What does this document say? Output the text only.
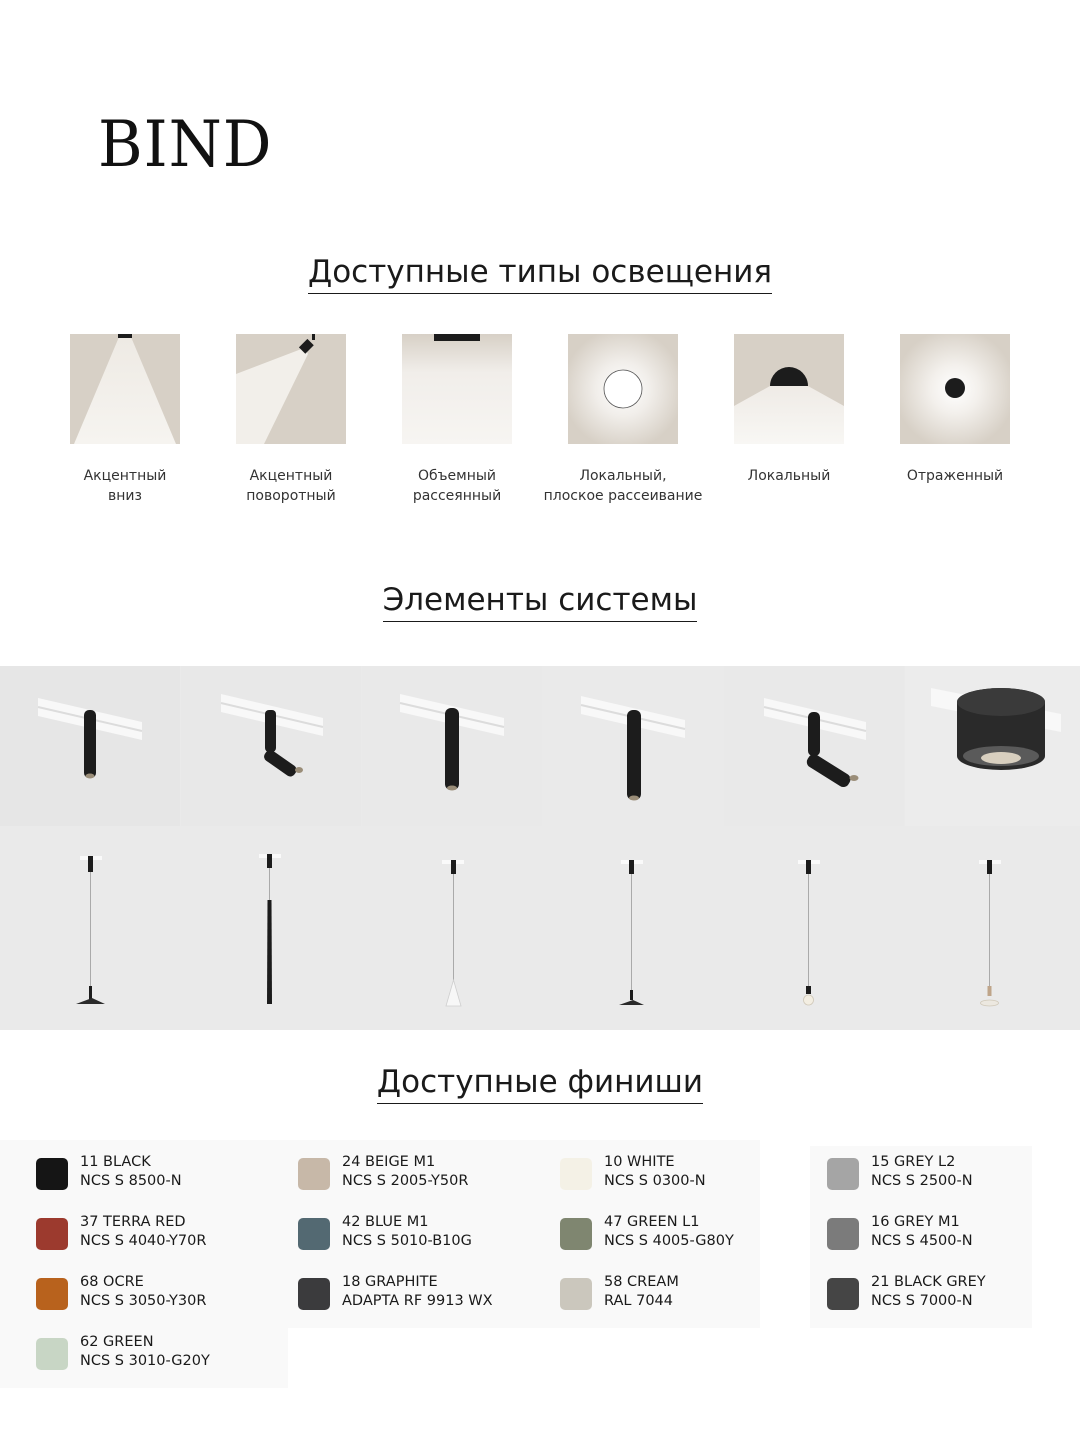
BIND
Доступные типы освещения
Акцентный
вниз
Акцентный
поворотный
Объемный
рассеянный
Локальный,
плоское рассеивание
Локальный	Отраженный
Элементы системы
Доступные финиши
11 BLACK
NCS S 8500-N
37 TERRA RED
NCS S 4040-Y70R
68 OCRE
NCS S 3050-Y30R
62 GREEN
NCS S 3010-G20Y
24 BEIGE M1
NCS S 2005-Y50R
42 BLUE M1
NCS S 5010-B10G
18 GRAPHITE
ADAPTA RF 9913 WX
10 WHITE
NCS S 0300-N
47 GREEN L1
NCS S 4005-G80Y
58 CREAM
RAL 7044
15 GREY L2
NCS S 2500-N
16 GREY M1
NCS S 4500-N
21 BLACK GREY
NCS S 7000-N
